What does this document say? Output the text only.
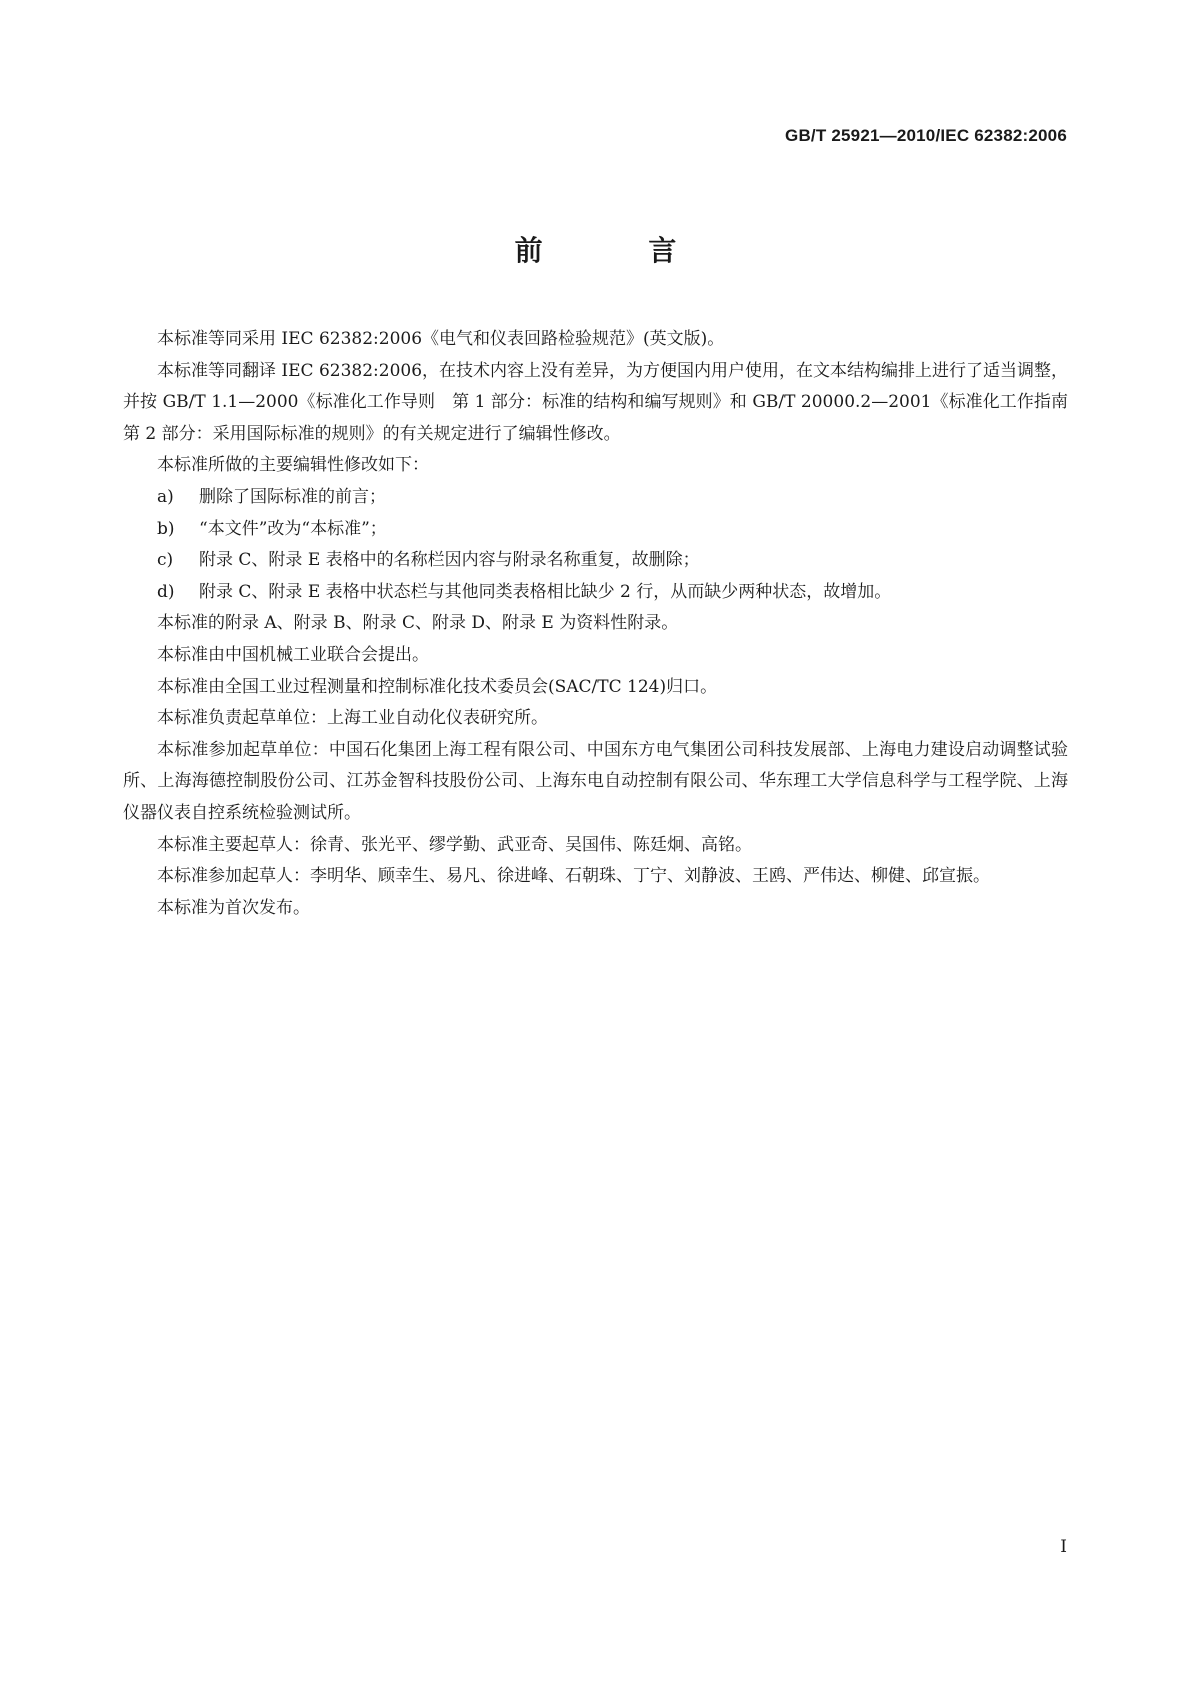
GB/T 25921—2010/IEC 62382:2006
前 言

本标准等同采用 IEC 62382:2006《电气和仪表回路检验规范》(英文版)。

本标准等同翻译 IEC 62382:2006，在技术内容上没有差异，为方便国内用户使用，在文本结构编排上进行了适当调整，并按 GB/T 1.1—2000《标准化工作导则　第 1 部分：标准的结构和编写规则》和 GB/T 20000.2—2001《标准化工作指南　第 2 部分：采用国际标准的规则》的有关规定进行了编辑性修改。

本标准所做的主要编辑性修改如下：

a) 删除了国际标准的前言；

b) “本文件”改为“本标准”；

c) 附录 C、附录 E 表格中的名称栏因内容与附录名称重复，故删除；

d) 附录 C、附录 E 表格中状态栏与其他同类表格相比缺少 2 行，从而缺少两种状态，故增加。

本标准的附录 A、附录 B、附录 C、附录 D、附录 E 为资料性附录。

本标准由中国机械工业联合会提出。

本标准由全国工业过程测量和控制标准化技术委员会(SAC/TC 124)归口。

本标准负责起草单位：上海工业自动化仪表研究所。

本标准参加起草单位：中国石化集团上海工程有限公司、中国东方电气集团公司科技发展部、上海电力建设启动调整试验所、上海海德控制股份公司、江苏金智科技股份公司、上海东电自动控制有限公司、华东理工大学信息科学与工程学院、上海仪器仪表自控系统检验测试所。

本标准主要起草人：徐青、张光平、缪学勤、武亚奇、吴国伟、陈廷炯、高铭。

本标准参加起草人：李明华、顾幸生、易凡、徐进峰、石朝珠、丁宁、刘静波、王鸥、严伟达、柳健、邱宣振。

本标准为首次发布。

I
